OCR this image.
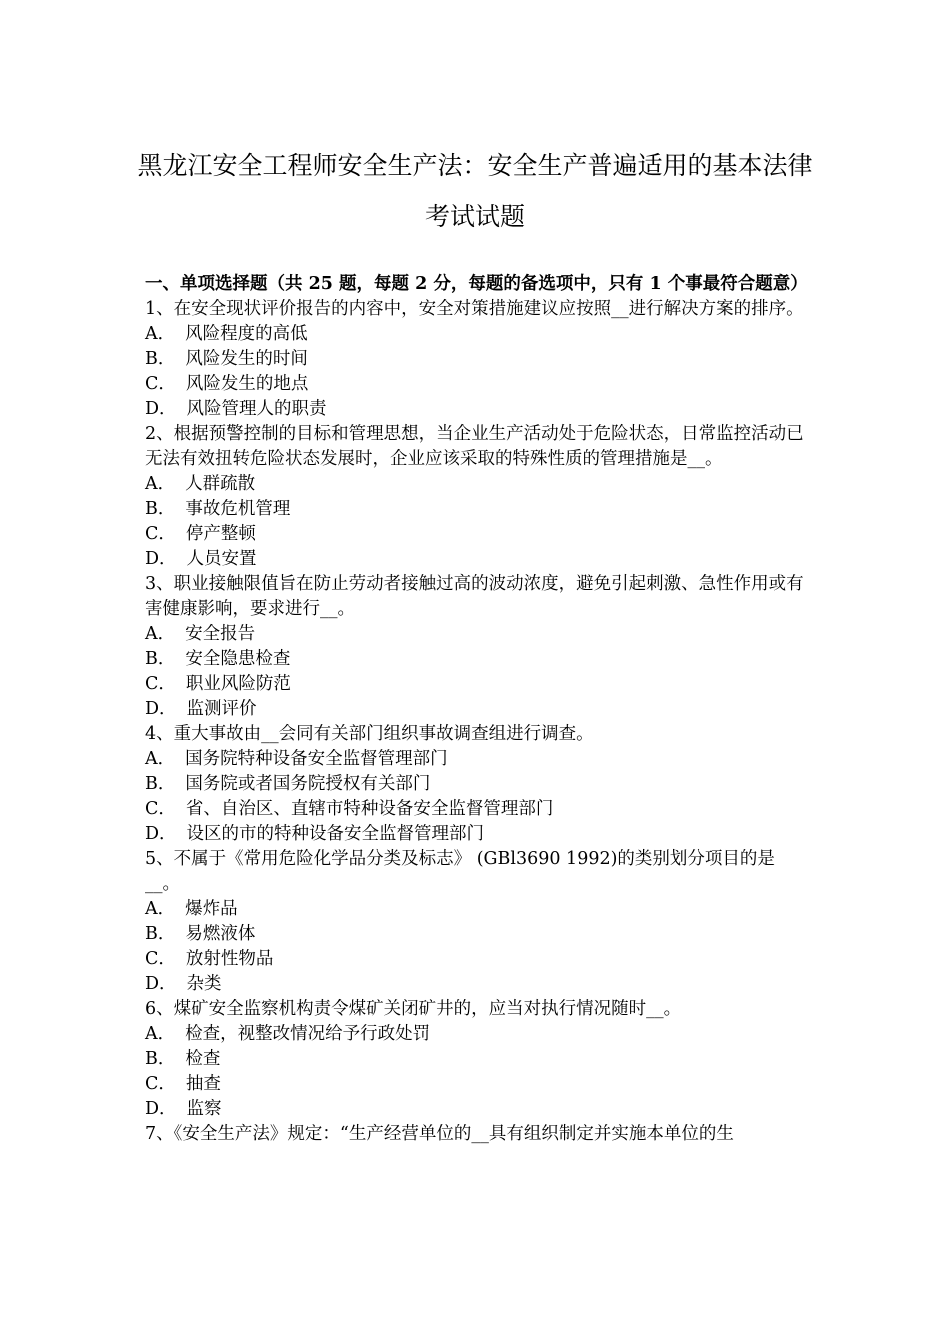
黑龙江安全工程师安全生产法：安全生产普遍适用的基本法律考试试题

一、单项选择题（共 25 题，每题 2 分，每题的备选项中，只有 1 个事最符合题意）

1、在安全现状评价报告的内容中，安全对策措施建议应按照__进行解决方案的排序。

A． 风险程度的高低
B． 风险发生的时间
C． 风险发生的地点
D． 风险管理人的职责

2、根据预警控制的目标和管理思想，当企业生产活动处于危险状态，日常监控活动已无法有效扭转危险状态发展时，企业应该采取的特殊性质的管理措施是__。

A． 人群疏散
B． 事故危机管理
C． 停产整顿
D． 人员安置

3、职业接触限值旨在防止劳动者接触过高的波动浓度，避免引起刺激、急性作用或有害健康影响，要求进行__。

A． 安全报告
B． 安全隐患检查
C． 职业风险防范
D． 监测评价

4、重大事故由__会同有关部门组织事故调查组进行调查。

A． 国务院特种设备安全监督管理部门
B． 国务院或者国务院授权有关部门
C． 省、自治区、直辖市特种设备安全监督管理部门
D． 设区的市的特种设备安全监督管理部门

5、不属于《常用危险化学品分类及标志》 (GBl3690 1992)的类别划分项目的是__。

A． 爆炸品
B． 易燃液体
C． 放射性物品
D． 杂类

6、煤矿安全监察机构责令煤矿关闭矿井的，应当对执行情况随时__。

A． 检查，视整改情况给予行政处罚
B． 检查
C． 抽查
D． 监察

7、《安全生产法》规定：“生产经营单位的__具有组织制定并实施本单位的生
